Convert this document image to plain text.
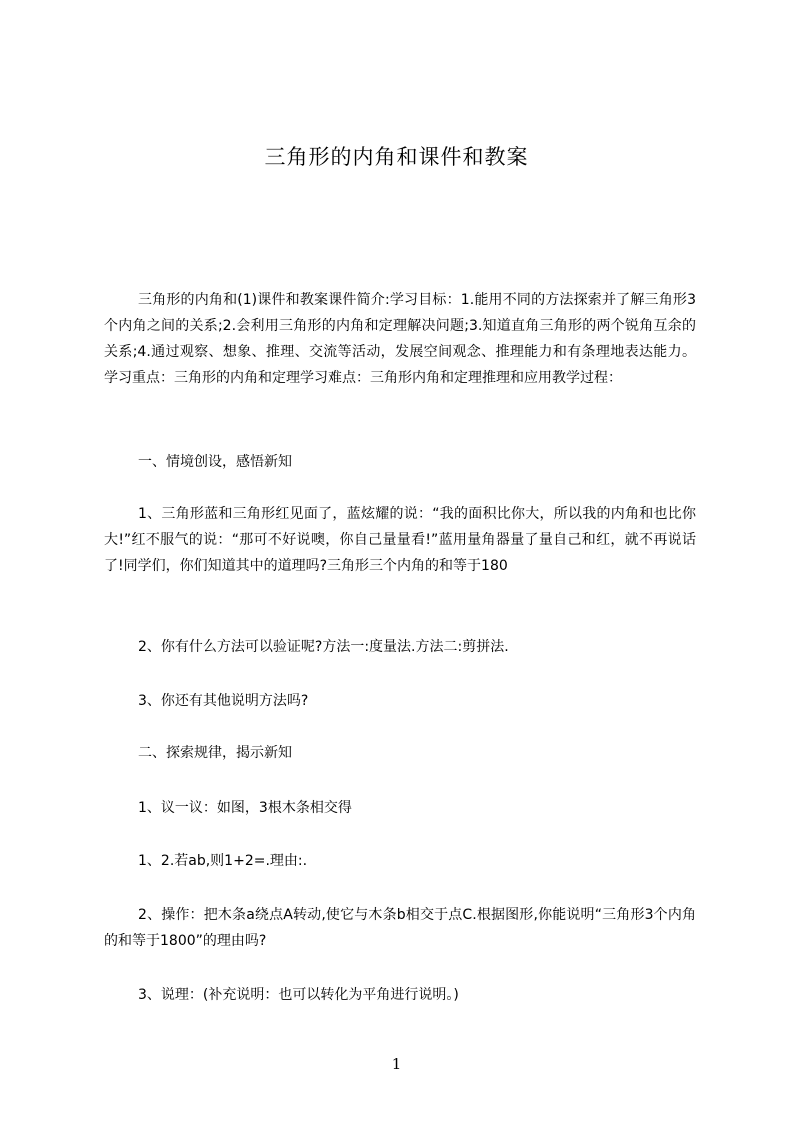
三角形的内角和课件和教案

三角形的内角和(1)课件和教案课件简介:学习目标：1.能用不同的方法探索并了解三角形3个内角之间的关系;2.会利用三角形的内角和定理解决问题;3.知道直角三角形的两个锐角互余的关系;4.通过观察、想象、推理、交流等活动，发展空间观念、推理能力和有条理地表达能力。学习重点：三角形的内角和定理学习难点：三角形内角和定理推理和应用教学过程：

一、情境创设，感悟新知

1、三角形蓝和三角形红见面了，蓝炫耀的说：“我的面积比你大，所以我的内角和也比你大!”红不服气的说：“那可不好说噢，你自己量量看!”蓝用量角器量了量自己和红，就不再说话了!同学们，你们知道其中的道理吗?三角形三个内角的和等于180

2、你有什么方法可以验证呢?方法一:度量法.方法二:剪拼法.

3、你还有其他说明方法吗?

二、探索规律，揭示新知

1、议一议：如图，3根木条相交得

1、2.若ab,则1+2=.理由:.

2、操作：把木条a绕点A转动,使它与木条b相交于点C.根据图形,你能说明“三角形3个内角的和等于1800”的理由吗?

3、说理：(补充说明：也可以转化为平角进行说明。)

1
